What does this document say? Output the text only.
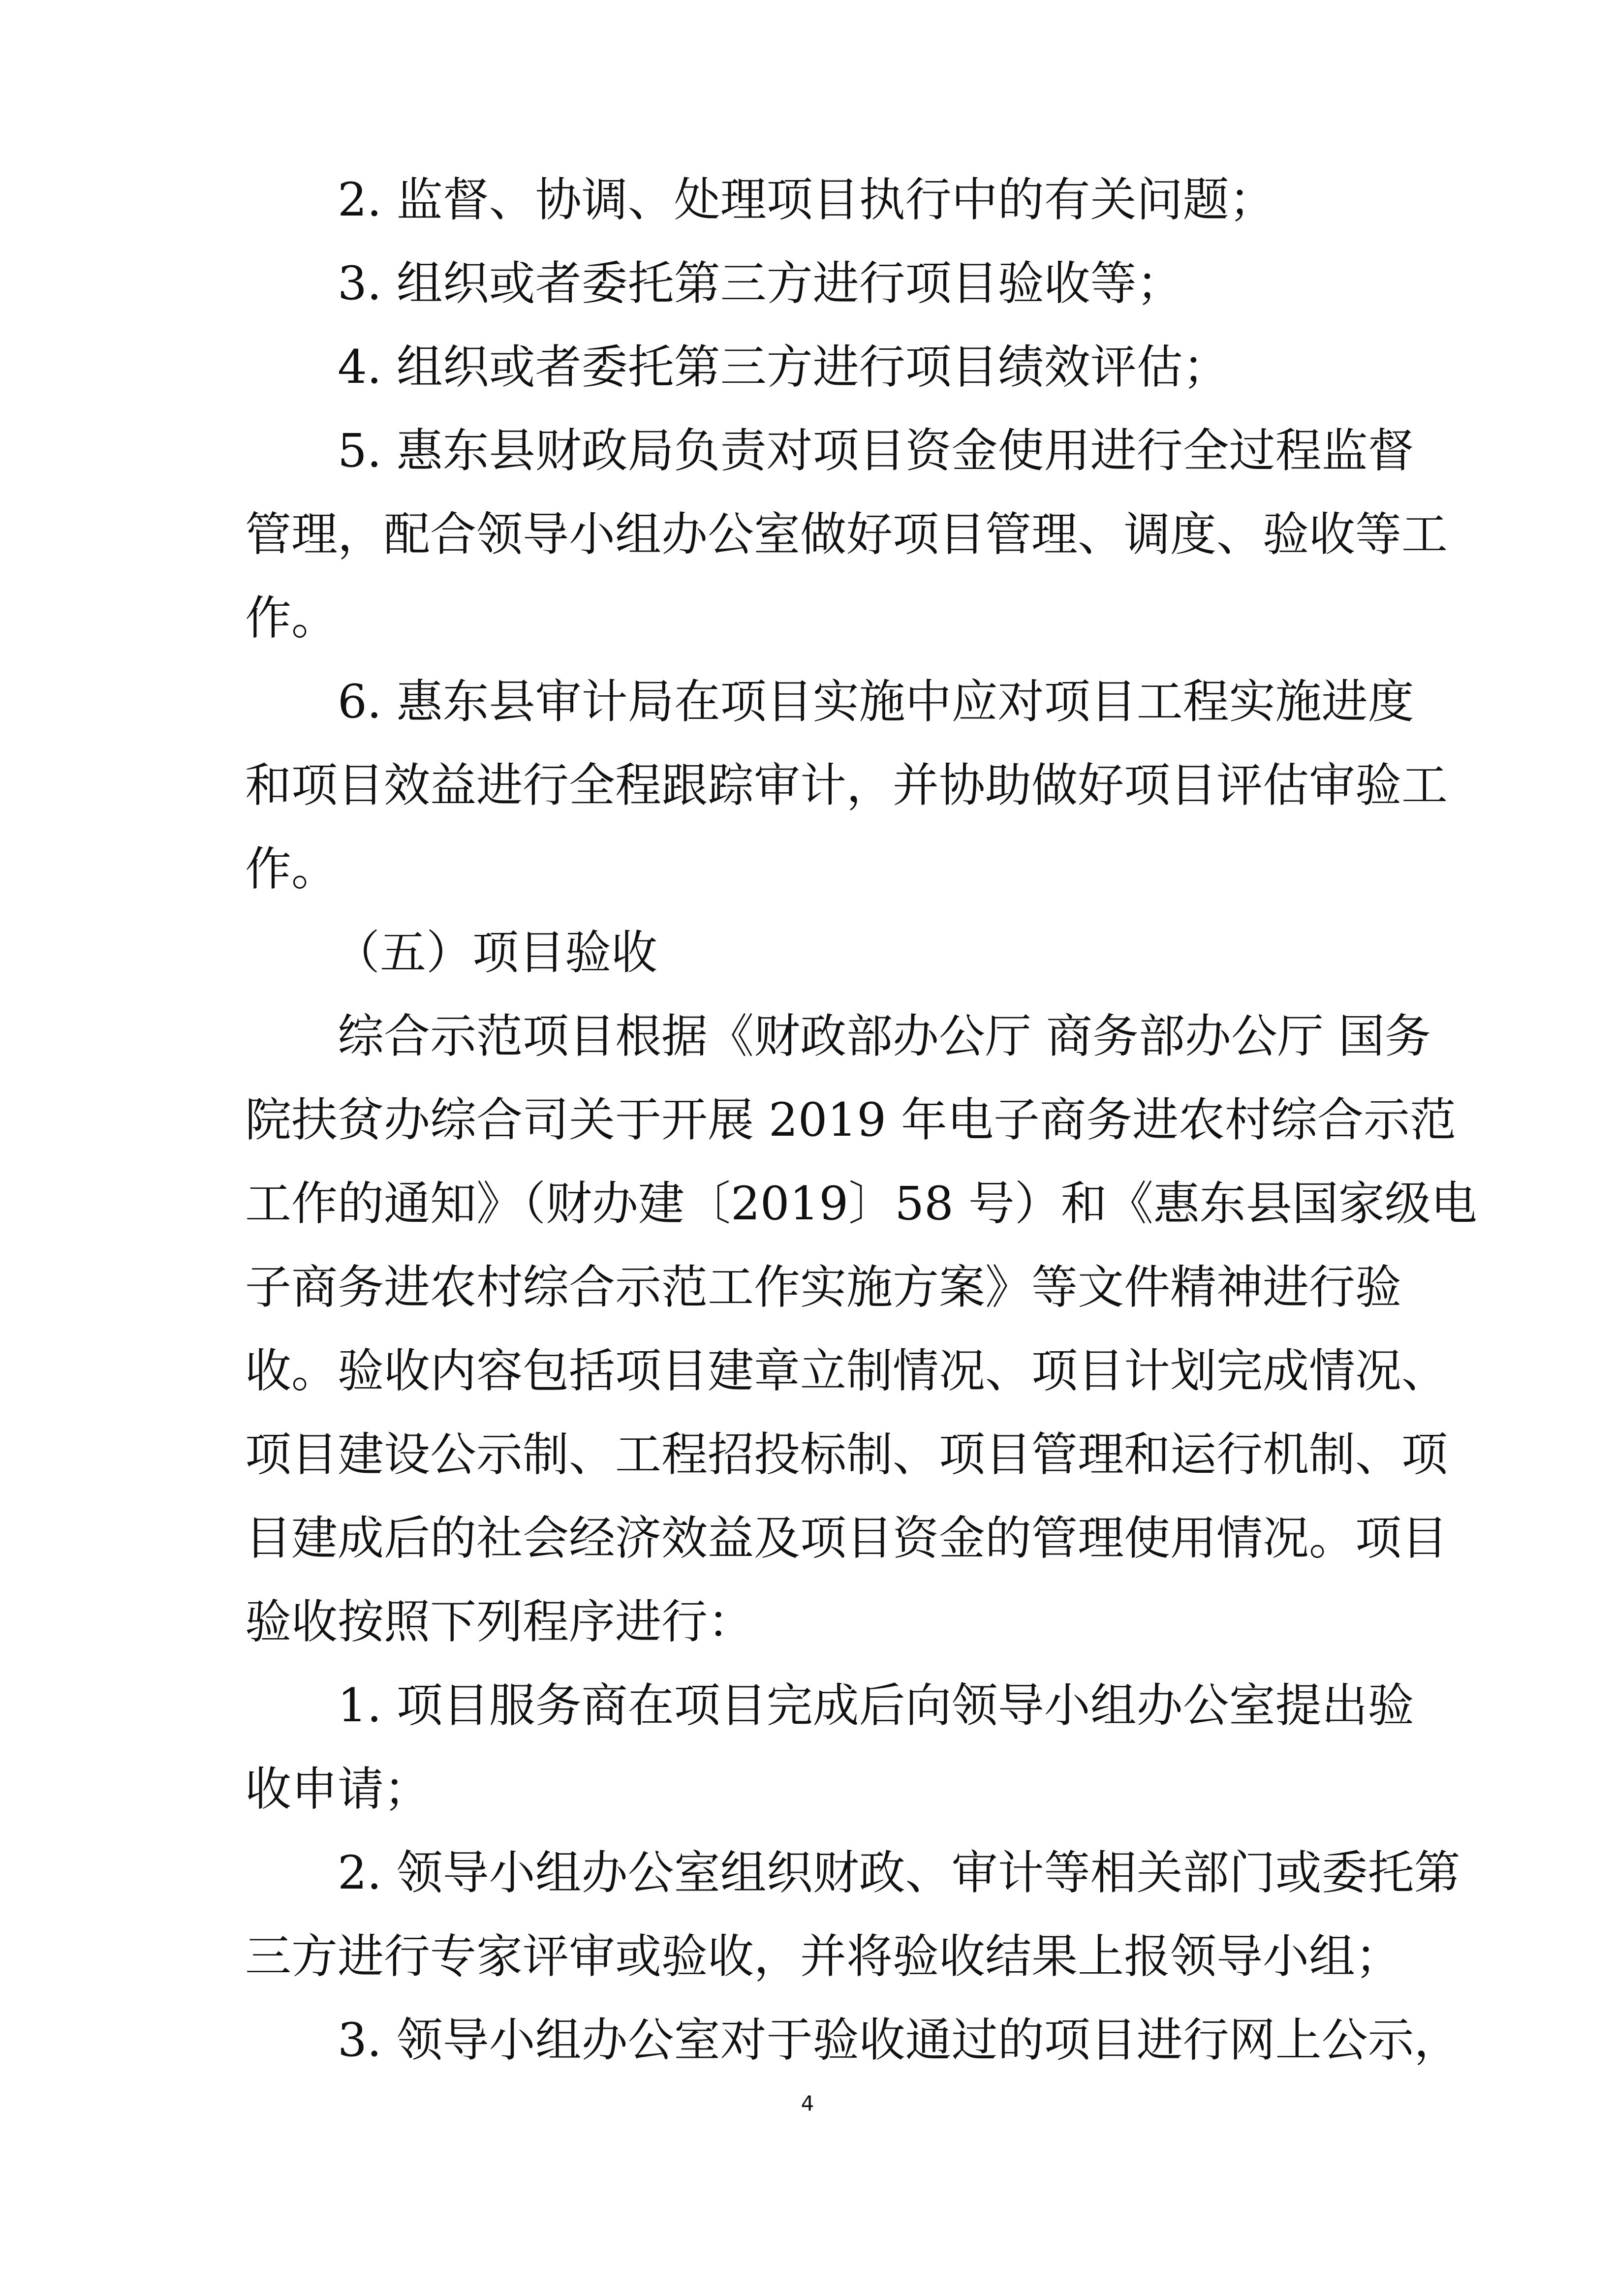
2. 监督、协调、处理项目执行中的有关问题；
3. 组织或者委托第三方进行项目验收等；
4. 组织或者委托第三方进行项目绩效评估；
5. 惠东县财政局负责对项目资金使用进行全过程监督
管理，配合领导小组办公室做好项目管理、调度、验收等工
作。
6. 惠东县审计局在项目实施中应对项目工程实施进度
和项目效益进行全程跟踪审计，并协助做好项目评估审验工
作。
（五）项目验收
综合示范项目根据《财政部办公厅 商务部办公厅 国务
院扶贫办综合司关于开展 2019 年电子商务进农村综合示范
工作的通知》（财办建〔2019〕58 号）和《惠东县国家级电
子商务进农村综合示范工作实施方案》等文件精神进行验
收。验收内容包括项目建章立制情况、项目计划完成情况、
项目建设公示制、工程招投标制、项目管理和运行机制、项
目建成后的社会经济效益及项目资金的管理使用情况。项目
验收按照下列程序进行：
1. 项目服务商在项目完成后向领导小组办公室提出验
收申请；
2. 领导小组办公室组织财政、审计等相关部门或委托第
三方进行专家评审或验收，并将验收结果上报领导小组；
3. 领导小组办公室对于验收通过的项目进行网上公示，
4
